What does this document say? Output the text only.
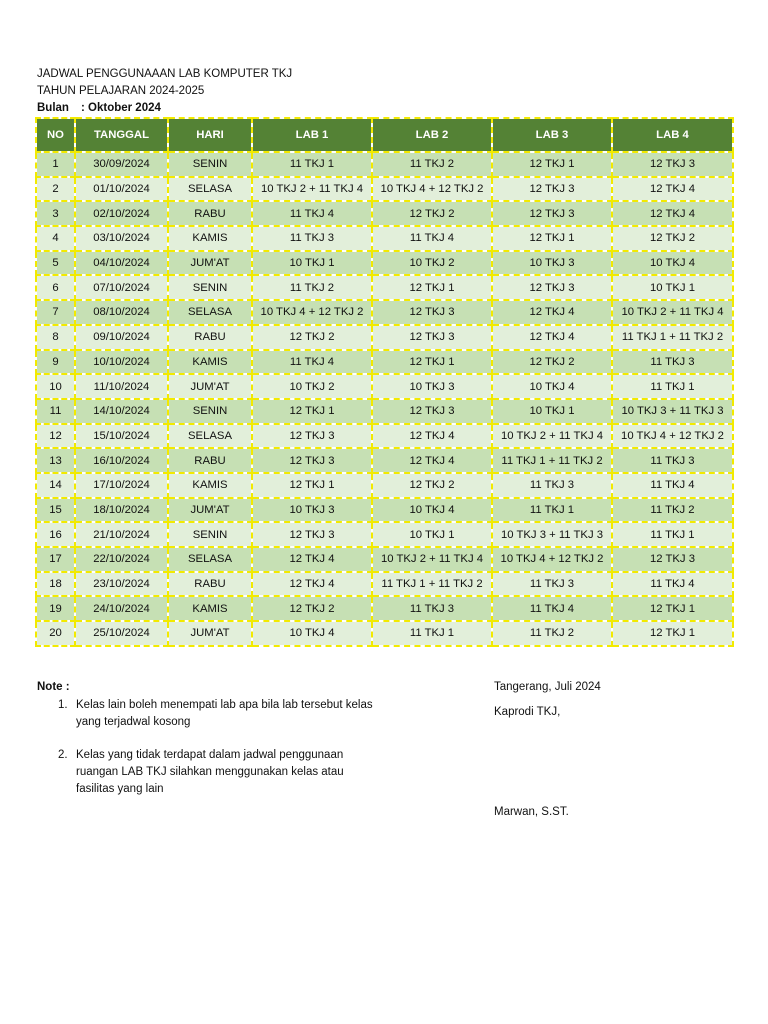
JADWAL PENGGUNAAAN LAB KOMPUTER TKJ
TAHUN PELAJARAN 2024-2025
Bulan : Oktober 2024
NO	TANGGAL	HARI	LAB 1	LAB 2	LAB 3	LAB 4
1	30/09/2024	SENIN	11 TKJ 1	11 TKJ 2	12 TKJ 1	12 TKJ 3
2	01/10/2024	SELASA	10 TKJ 2 + 11 TKJ 4	10 TKJ 4 + 12 TKJ 2	12 TKJ 3	12 TKJ 4
3	02/10/2024	RABU	11 TKJ 4	12 TKJ 2	12 TKJ 3	12 TKJ 4
4	03/10/2024	KAMIS	11 TKJ 3	11 TKJ 4	12 TKJ 1	12 TKJ 2
5	04/10/2024	JUM'AT	10 TKJ 1	10 TKJ 2	10 TKJ 3	10 TKJ 4
6	07/10/2024	SENIN	11 TKJ 2	12 TKJ 1	12 TKJ 3	10 TKJ 1
7	08/10/2024	SELASA	10 TKJ 4 + 12 TKJ 2	12 TKJ 3	12 TKJ 4	10 TKJ 2 + 11 TKJ 4
8	09/10/2024	RABU	12 TKJ 2	12 TKJ 3	12 TKJ 4	11 TKJ 1 + 11 TKJ 2
9	10/10/2024	KAMIS	11 TKJ 4	12 TKJ 1	12 TKJ 2	11 TKJ 3
10	11/10/2024	JUM'AT	10 TKJ 2	10 TKJ 3	10 TKJ 4	11 TKJ 1
11	14/10/2024	SENIN	12 TKJ 1	12 TKJ 3	10 TKJ 1	10 TKJ 3 + 11 TKJ 3
12	15/10/2024	SELASA	12 TKJ 3	12 TKJ 4	10 TKJ 2 + 11 TKJ 4	10 TKJ 4 + 12 TKJ 2
13	16/10/2024	RABU	12 TKJ 3	12 TKJ 4	11 TKJ 1 + 11 TKJ 2	11 TKJ 3
14	17/10/2024	KAMIS	12 TKJ 1	12 TKJ 2	11 TKJ 3	11 TKJ 4
15	18/10/2024	JUM'AT	10 TKJ 3	10 TKJ 4	11 TKJ 1	11 TKJ 2
16	21/10/2024	SENIN	12 TKJ 3	10 TKJ 1	10 TKJ 3 + 11 TKJ 3	11 TKJ 1
17	22/10/2024	SELASA	12 TKJ 4	10 TKJ 2 + 11 TKJ 4	10 TKJ 4 + 12 TKJ 2	12 TKJ 3
18	23/10/2024	RABU	12 TKJ 4	11 TKJ 1 + 11 TKJ 2	11 TKJ 3	11 TKJ 4
19	24/10/2024	KAMIS	12 TKJ 2	11 TKJ 3	11 TKJ 4	12 TKJ 1
20	25/10/2024	JUM'AT	10 TKJ 4	11 TKJ 1	11 TKJ 2	12 TKJ 1
Note :
1. Kelas lain boleh menempati lab apa bila lab tersebut kelas yang terjadwal kosong
2. Kelas yang tidak terdapat dalam jadwal penggunaan ruangan LAB TKJ silahkan menggunakan kelas atau fasilitas yang lain
Tangerang, Juli 2024
Kaprodi TKJ,
Marwan, S.ST.
